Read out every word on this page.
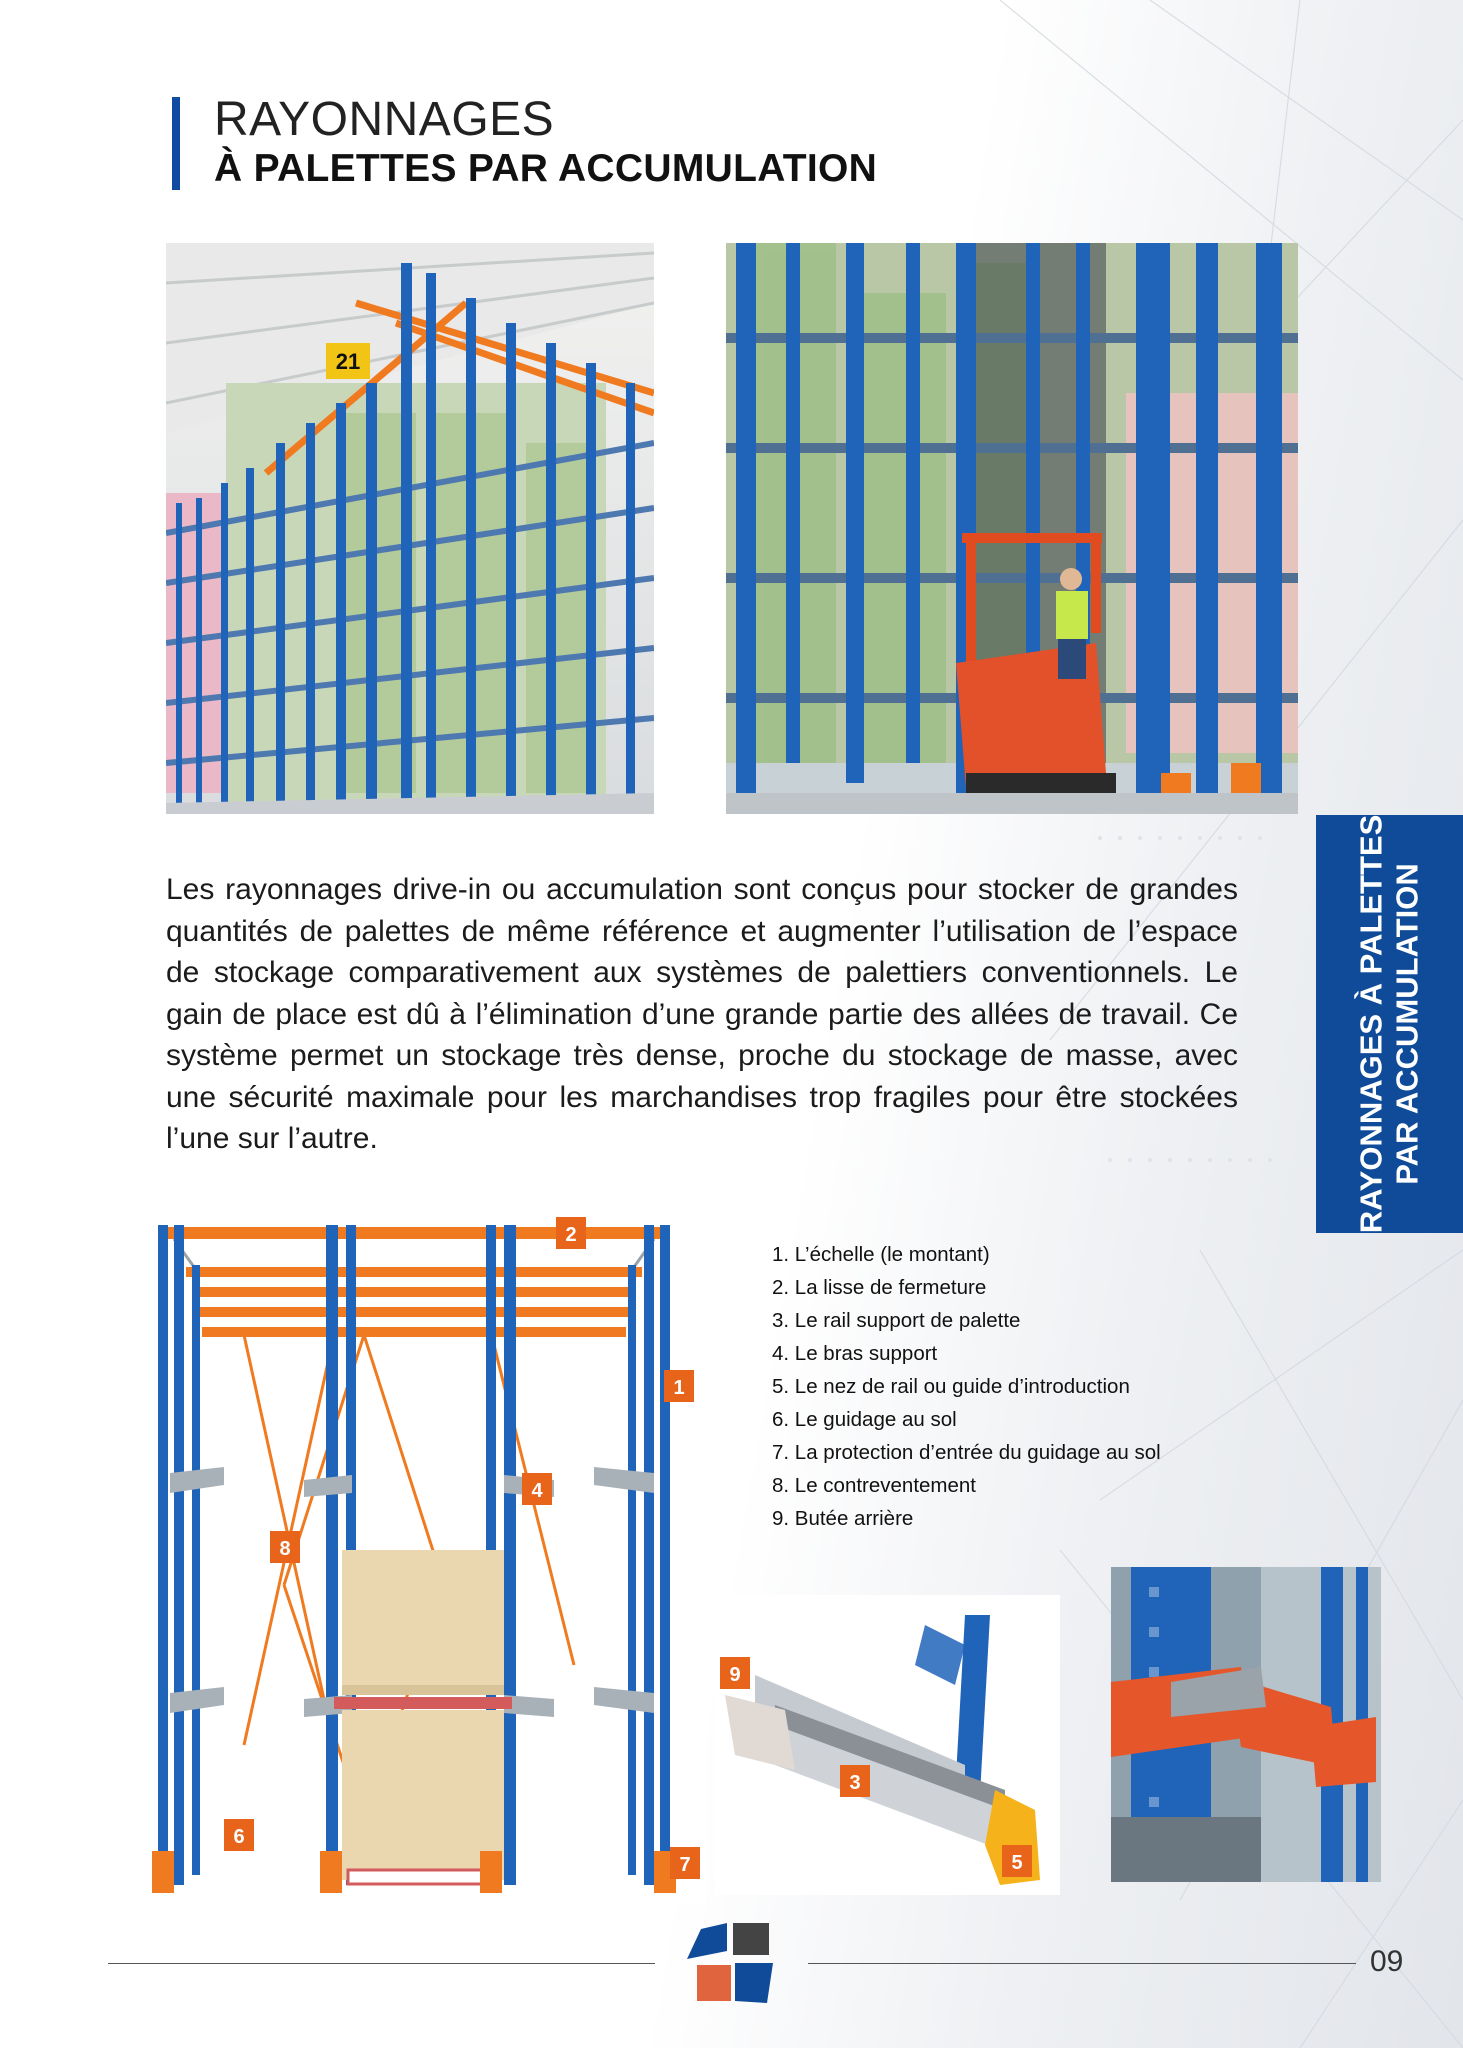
RAYONNAGES
À PALETTES PAR ACCUMULATION
21
Les rayonnages drive-in ou accumulation sont conçus pour stocker de grandes quantités de palettes de même référence et augmenter l’utilisation de l’espace de stockage comparativement aux systèmes de palettiers conventionnels. Le gain de place est dû à l’élimination d’une grande partie des allées de travail. Ce système permet un stockage très dense, proche du stockage de masse, avec une sécurité maximale pour les marchandises trop fragiles pour être stockées l’une sur l’autre.	RAYONNAGES À PALETTES PAR ACCUMULATION
1
2
4
6
7
8
1. L’échelle (le montant)
2. La lisse de fermeture
3. Le rail support de palette
4. Le bras support
5. Le nez de rail ou guide d’introduction
6. Le guidage au sol
7. La protection d’entrée du guidage au sol
8. Le contreventement
9. Butée arrière
9
3
5
09
